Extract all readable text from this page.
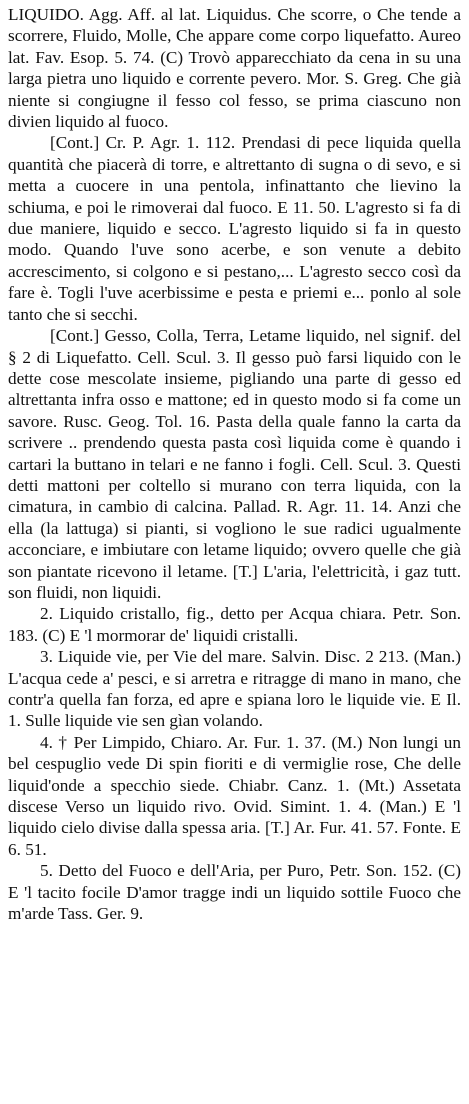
LIQUIDO. Agg. Aff. al lat. Liquidus. Che scorre, o Che tende a scorrere, Fluido, Molle, Che appare come corpo liquefatto. Aureo lat. Fav. Esop. 5. 74. (C) Trovò apparecchiato da cena in su una larga pietra uno liquido e corrente pevero. Mor. S. Greg. Che già niente si congiugne il fesso col fesso, se prima ciascuno non divien liquido al fuoco.

[Cont.] Cr. P. Agr. 1. 112. Prendasi di pece liquida quella quantità che piacerà di torre, e altrettanto di sugna o di sevo, e si metta a cuocere in una pentola, infinattanto che lievino la schiuma, e poi le rimoverai dal fuoco. E 11. 50. L'agresto si fa di due maniere, liquido e secco. L'agresto liquido si fa in questo modo. Quando l'uve sono acerbe, e son venute a debito accrescimento, si colgono e si pestano,... L'agresto secco così da fare è. Togli l'uve acerbissime e pesta e priemi e... ponlo al sole tanto che si secchi.

[Cont.] Gesso, Colla, Terra, Letame liquido, nel signif. del § 2 di Liquefatto. Cell. Scul. 3. Il gesso può farsi liquido con le dette cose mescolate insieme, pigliando una parte di gesso ed altrettanta infra osso e mattone; ed in questo modo si fa come un savore. Rusc. Geog. Tol. 16. Pasta della quale fanno la carta da scrivere .. prendendo questa pasta così liquida come è quando i cartari la buttano in telari e ne fanno i fogli. Cell. Scul. 3. Questi detti mattoni per coltello si murano con terra liquida, con la cimatura, in cambio di calcina. Pallad. R. Agr. 11. 14. Anzi che ella (la lattuga) si pianti, si vogliono le sue radici ugualmente acconciare, e imbiutare con letame liquido; ovvero quelle che già son piantate ricevono il letame. [T.] L'aria, l'elettricità, i gaz tutt. son fluidi, non liquidi.

2. Liquido cristallo, fig., detto per Acqua chiara. Petr. Son. 183. (C) E 'l mormorar de' liquidi cristalli.

3. Liquide vie, per Vie del mare. Salvin. Disc. 2 213. (Man.) L'acqua cede a' pesci, e si arretra e ritragge di mano in mano, che contr'a quella fan forza, ed apre e spiana loro le liquide vie. E Il. 1. Sulle liquide vie sen gìan volando.

4. † Per Limpido, Chiaro. Ar. Fur. 1. 37. (M.) Non lungi un bel cespuglio vede Di spin fioriti e di vermiglie rose, Che delle liquid'onde a specchio siede. Chiabr. Canz. 1. (Mt.) Assetata discese Verso un liquido rivo. Ovid. Simint. 1. 4. (Man.) E 'l liquido cielo divise dalla spessa aria. [T.] Ar. Fur. 41. 57. Fonte. E 6. 51.

5. Detto del Fuoco e dell'Aria, per Puro, Petr. Son. 152. (C) E 'l tacito focile D'amor tragge indi un liquido sottile Fuoco che m'arde Tass. Ger. 9.
